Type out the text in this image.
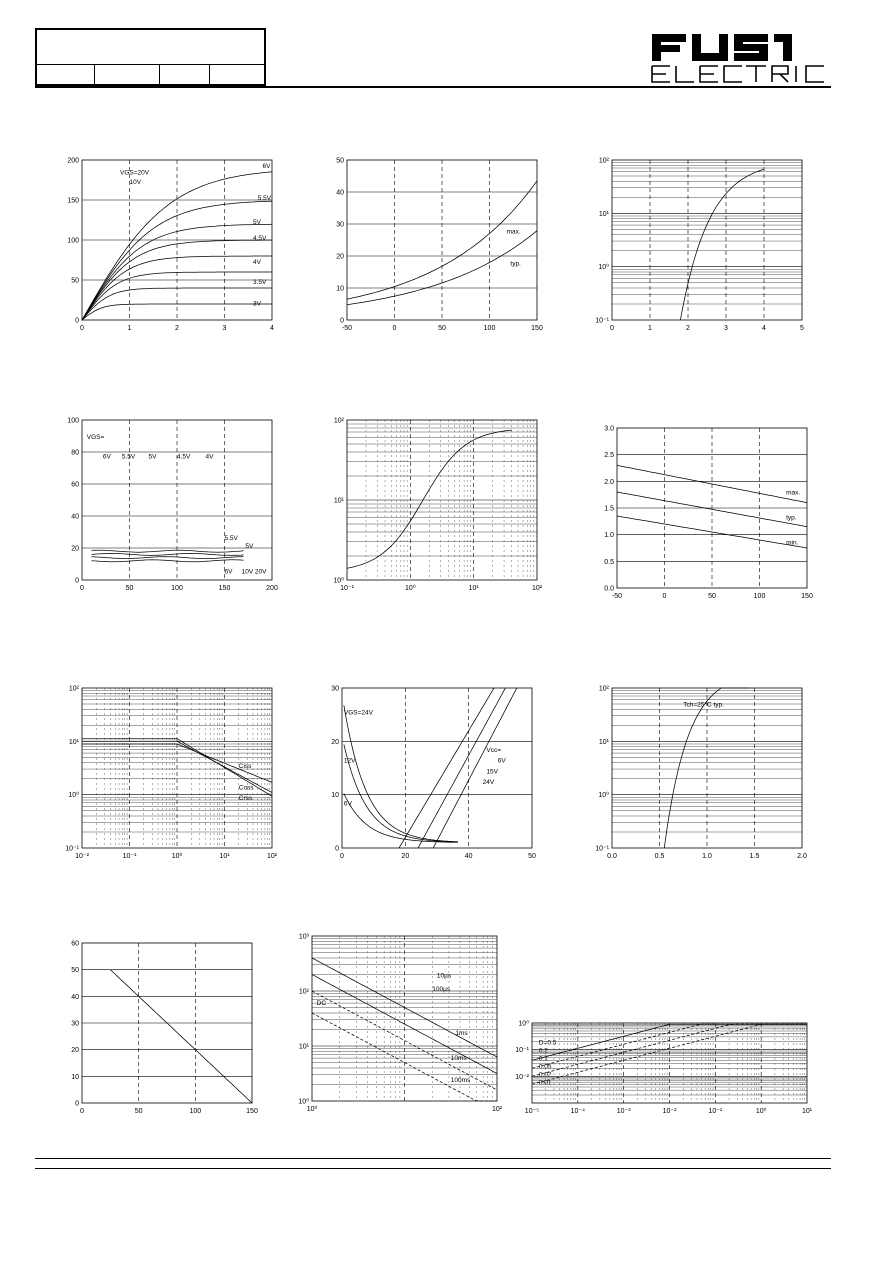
0	1	2	3	4
0
50
100
150
200
VGS=20V
10V
6V
5.5V
5V
4.5V
4V
3.5V
3V
-50	0	50	100	150
0
10
20
30
40
50
max.
typ.
0	1	2	3	4	5
10⁻¹
10⁰
10¹
10²
0	50	100	150	200
0
20
40
60
80
100
VGS=
6V 5.5V 5V	4.5V 4V
5.5V
5V
6V 10V 20V
10⁻¹	10⁰	10¹	10²
10⁰
10¹
10²
-50	0	50	100	150
0.0
0.5
1.0
1.5
2.0
2.5
3.0
max.
typ.
min.
10⁻²	10⁻¹	10⁰	10¹	10²
10⁻¹
10⁰
10¹
10²
Ciss
Coss
Crss
0	20	40	50
0
10
20
30
VGS=24V
12V
6V
Vcc=
6V
15V
24V
0.0	0.5	1.0	1.5	2.0
10⁻¹
10⁰
10¹
10²
Tch=25°C typ.
0	50	100	150
0
10
20
30
40
50
60
10⁰	10²
10⁰
10¹
10²
10³
10µs
100µs
1ms
10ms
100ms
DC
10⁻⁵	10⁻⁴	10⁻³	10⁻²	10⁻¹	10⁰	10¹
10⁻²
10⁻¹
10⁰
D=0.5
0.2
0.1
0.05
0.02
0.01
